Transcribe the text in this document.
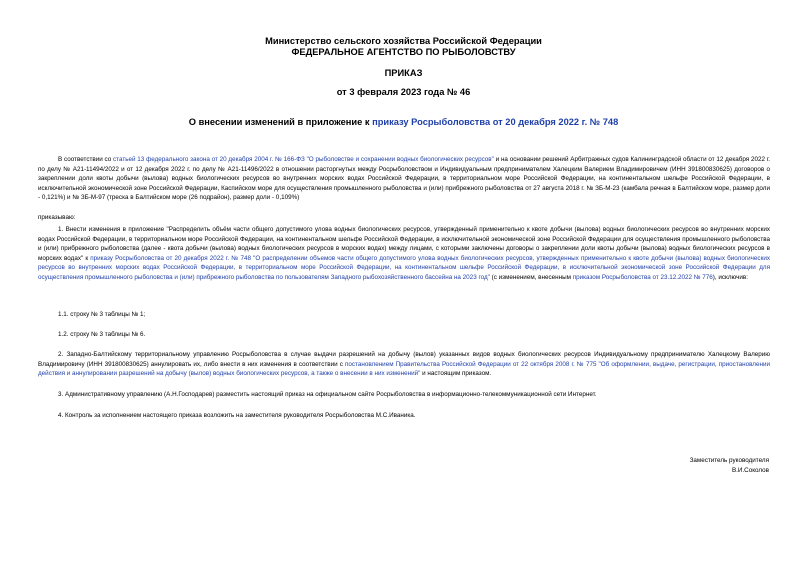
Министерство сельского хозяйства Российской Федерации
ФЕДЕРАЛЬНОЕ АГЕНТСТВО ПО РЫБОЛОВСТВУ
ПРИКАЗ
от 3 февраля 2023 года № 46
О внесении изменений в приложение к приказу Росрыболовства от 20 декабря 2022 г. № 748
В соответствии со статьей 13 федерального закона от 20 декабря 2004 г. № 166-ФЗ "О рыболовстве и сохранении водных биологических ресурсов" и на основании решений Арбитражных судов Калининградской области от 12 декабря 2022 г. по делу № А21-11494/2022 и от 12 декабря 2022 г. по делу № А21-11496/2022 в отношении расторгнутых между Росрыболовством и Индивидуальным предпринимателем Халецким Валерием Владимировичем (ИНН 391800830625) договоров о закреплении доли квоты добычи (вылова) водных биологических ресурсов во внутренних морских водах Российской Федерации, в территориальном море Российской Федерации, на континентальном шельфе Российской Федерации, в исключительной экономической зоне Российской Федерации, Каспийском море для осуществления промышленного рыболовства и (или) прибрежного рыболовства от 27 августа 2018 г. № ЗБ-М-23 (камбала речная в Балтийском море, размер доли - 0,121%) и № ЗБ-М-97 (треска в Балтийском море (26 подрайон), размер доли - 0,109%)
приказываю:
1. Внести изменения в приложение "Распределить объём части общего допустимого улова водных биологических ресурсов, утвержденный применительно к квоте добычи (вылова) водных биологических ресурсов во внутренних морских водах Российской Федерации, в территориальном море Российской Федерации, на континентальном шельфе Российской Федерации, в исключительной экономической зоне Российской Федерации для осуществления промышленного рыболовства и (или) прибрежного рыболовства (далее - квота добычи (вылова) водных биологических ресурсов в морских водах) между лицами, с которыми заключены договоры о закреплении доли квоты добычи (вылова) водных биологических ресурсов в морских водах" к приказу Росрыболовства от 20 декабря 2022 г. № 748 "О распределении объемов части общего допустимого улова водных биологических ресурсов, утвержденных применительно к квоте добычи (вылова) водных биологических ресурсов во внутренних морских водах Российской Федерации, в территориальном море Российской Федерации, на континентальном шельфе Российской Федерации, в исключительной экономической зоне Российской Федерации для осуществления промышленного рыболовства и (или) прибрежного рыболовства по пользователям Западного рыбохозяйственного бассейна на 2023 год" (с изменением, внесенным приказом Росрыболовства от 23.12.2022 № 776), исключив:
1.1. строку № 3 таблицы № 1;
1.2. строку № 3 таблицы № 6.
2. Западно-Балтийскому территориальному управлению Росрыболовства в случае выдачи разрешений на добычу (вылов) указанных видов водных биологических ресурсов Индивидуальному предпринимателю Халецкому Валерию Владимировичу (ИНН 391800830625) аннулировать их, либо внести в них изменения в соответствии с постановлением Правительства Российской Федерации от 22 октября 2008 г. № 775 "Об оформлении, выдаче, регистрации, приостановлении действия и аннулировании разрешений на добычу (вылов) водных биологических ресурсов, а также о внесении в них изменений" и настоящим приказом.
3. Административному управлению (А.Н.Господарев) разместить настоящий приказ на официальном сайте Росрыболовства в информационно-телекоммуникационной сети Интернет.
4. Контроль за исполнением настоящего приказа возложить на заместителя руководителя Росрыболовства М.С.Иваника.
Заместитель руководителя
В.И.Соколов
